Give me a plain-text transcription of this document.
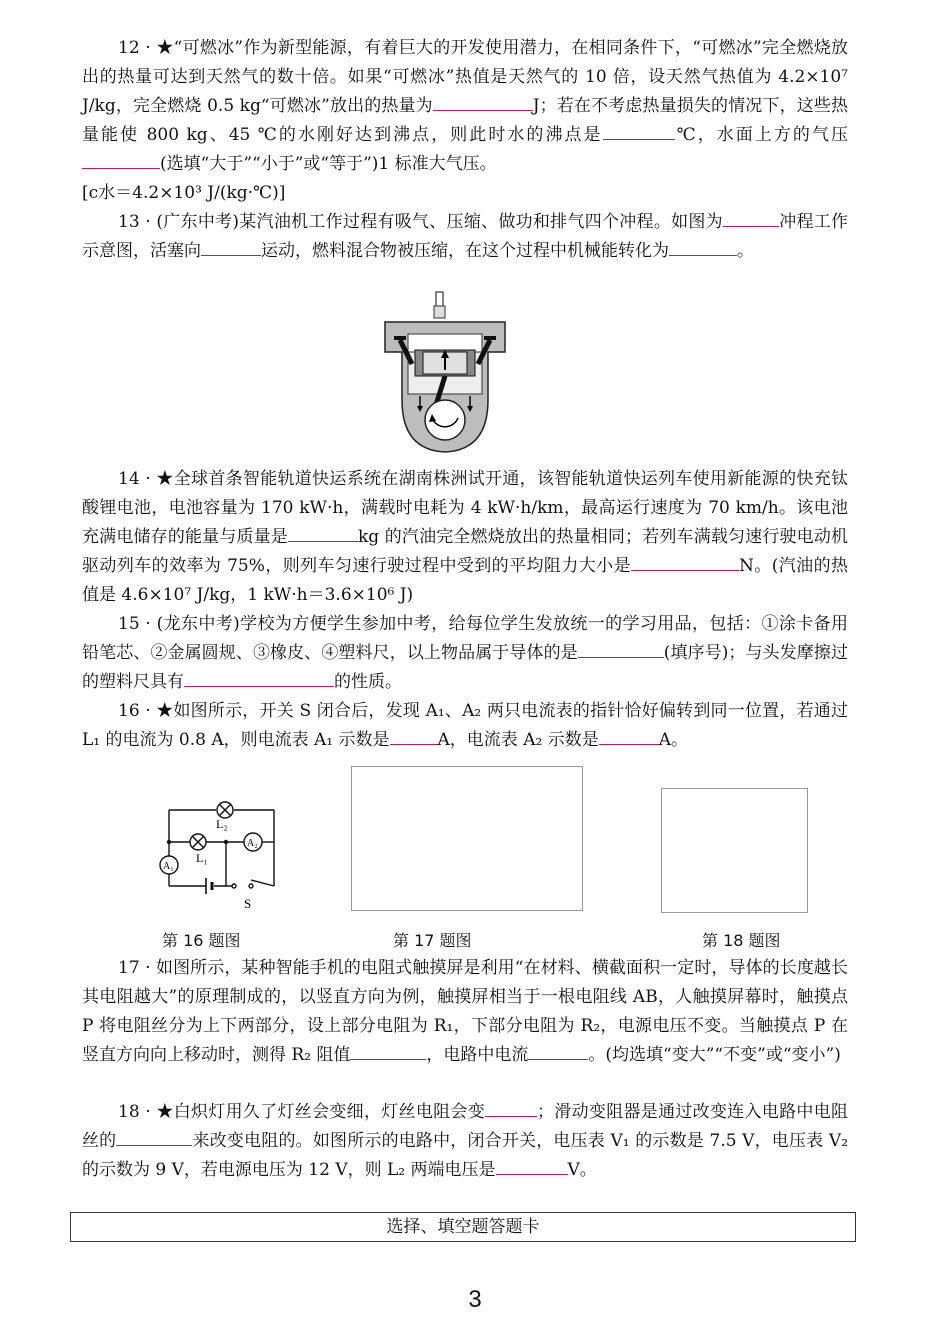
12 · ★“可燃冰”作为新型能源，有着巨大的开发使用潜力，在相同条件下，“可燃冰”完全燃烧放出的热量可达到天然气的数十倍。如果“可燃冰”热值是天然气的 10 倍，设天然气热值为 4.2×10⁷ J/kg，完全燃烧 0.5 kg“可燃冰”放出的热量为	J；若在不考虑热量损失的情况下，这些热量能使 800 kg、45 ℃的水刚好达到沸点，则此时水的沸点是	℃，水面上方的气压(选填“大于”“小于”或“等于”)1 标准大气压。
[c水＝4.2×10³ J/(kg·℃)]
13 · (广东中考)某汽油机工作过程有吸气、压缩、做功和排气四个冲程。如图为	冲程工作示意图，活塞向	运动，燃料混合物被压缩，在这个过程中机械能转化为	。
14 · ★全球首条智能轨道快运系统在湖南株洲试开通，该智能轨道快运列车使用新能源的快充钛酸锂电池，电池容量为 170 kW·h，满载时电耗为 4 kW·h/km，最高运行速度为 70 km/h。该电池充满电储存的能量与质量是	kg 的汽油完全燃烧放出的热量相同；若列车满载匀速行驶电动机驱动列车的效率为 75%，则列车匀速行驶过程中受到的平均阻力大小是	N。(汽油的热值是 4.6×10⁷ J/kg，1 kW·h＝3.6×10⁶ J)
15 · (龙东中考)学校为方便学生参加中考，给每位学生发放统一的学习用品，包括：①涂卡备用铅笔芯、②金属圆规、③橡皮、④塑料尺，以上物品属于导体的是	(填序号)；与头发摩擦过的塑料尺具有	的性质。
16 · ★如图所示，开关 S 闭合后，发现 A₁、A₂ 两只电流表的指针恰好偏转到同一位置，若通过 L₁ 的电流为 0.8 A，则电流表 A₁ 示数是	A，电流表 A₂ 示数是	A。
L₂
L₁
A₂
A₁
S
第 16 题图	第 17 题图	第 18 题图
17 · 如图所示，某种智能手机的电阻式触摸屏是利用“在材料、横截面积一定时，导体的长度越长其电阻越大”的原理制成的，以竖直方向为例，触摸屏相当于一根电阻线 AB，人触摸屏幕时，触摸点 P 将电阻丝分为上下两部分，设上部分电阻为 R₁，下部分电阻为 R₂，电源电压不变。当触摸点 P 在竖直方向向上移动时，测得 R₂ 阻值	，电路中电流	。(均选填“变大”“不变”或“变小”)
18 · ★白炽灯用久了灯丝会变细，灯丝电阻会变	；滑动变阻器是通过改变连入电路中电阻丝的	来改变电阻的。如图所示的电路中，闭合开关，电压表 V₁ 的示数是 7.5 V，电压表 V₂ 的示数为 9 V，若电源电压为 12 V，则 L₂ 两端电压是	V。
选择、填空题答题卡
3
